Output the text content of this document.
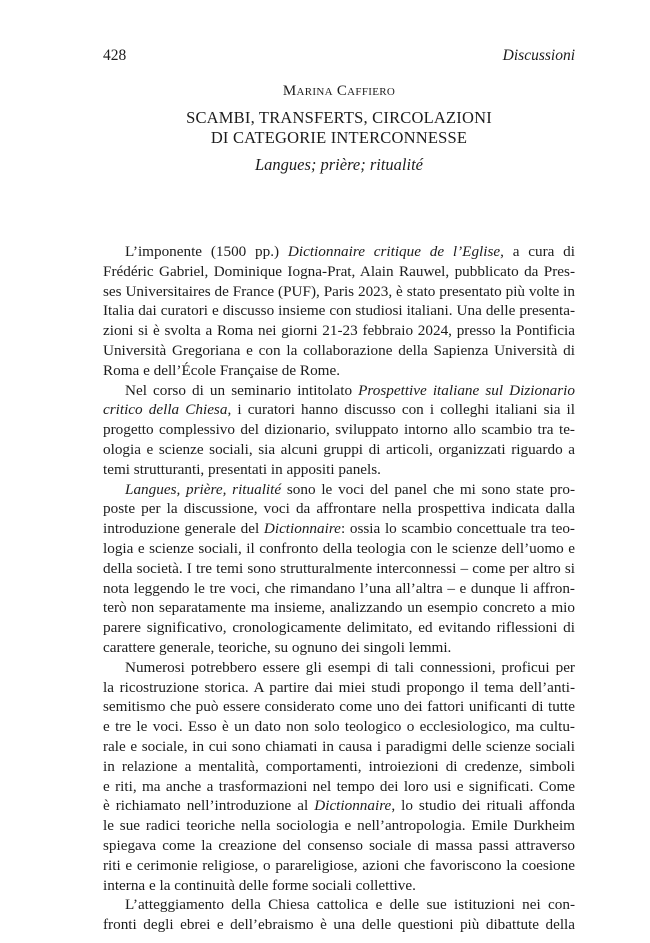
428	Discussioni
Marina Caffiero
SCAMBI, TRANSFERTS, CIRCOLAZIONI
DI CATEGORIE INTERCONNESSE
Langues; prière; ritualité

L’imponente (1500 pp.) Dictionnaire critique de l’Eglise, a cura di
Frédéric Gabriel, Dominique Iogna-Prat, Alain Rauwel, pubblicato da Pres-
ses Universitaires de France (PUF), Paris 2023, è stato presentato più volte in
Italia dai curatori e discusso insieme con studiosi italiani. Una delle presenta-
zioni si è svolta a Roma nei giorni 21-23 febbraio 2024, presso la Pontificia
Università Gregoriana e con la collaborazione della Sapienza Università di
Roma e dell’École Française de Rome.

Nel corso di un seminario intitolato Prospettive italiane sul Dizionario
critico della Chiesa, i curatori hanno discusso con i colleghi italiani sia il
progetto complessivo del dizionario, sviluppato intorno allo scambio tra te-
ologia e scienze sociali, sia alcuni gruppi di articoli, organizzati riguardo a
temi strutturanti, presentati in appositi panels.

Langues, prière, ritualité sono le voci del panel che mi sono state pro-
poste per la discussione, voci da affrontare nella prospettiva indicata dalla
introduzione generale del Dictionnaire: ossia lo scambio concettuale tra teo-
logia e scienze sociali, il confronto della teologia con le scienze dell’uomo e
della società. I tre temi sono strutturalmente interconnessi – come per altro si
nota leggendo le tre voci, che rimandano l’una all’altra – e dunque li affron-
terò non separatamente ma insieme, analizzando un esempio concreto a mio
parere significativo, cronologicamente delimitato, ed evitando riflessioni di
carattere generale, teoriche, su ognuno dei singoli lemmi.

Numerosi potrebbero essere gli esempi di tali connessioni, proficui per
la ricostruzione storica. A partire dai miei studi propongo il tema dell’anti-
semitismo che può essere considerato come uno dei fattori unificanti di tutte
e tre le voci. Esso è un dato non solo teologico o ecclesiologico, ma cultu-
rale e sociale, in cui sono chiamati in causa i paradigmi delle scienze sociali
in relazione a mentalità, comportamenti, introiezioni di credenze, simboli
e riti, ma anche a trasformazioni nel tempo dei loro usi e significati. Come
è richiamato nell’introduzione al Dictionnaire, lo studio dei rituali affonda
le sue radici teoriche nella sociologia e nell’antropologia. Emile Durkheim
spiegava come la creazione del consenso sociale di massa passi attraverso
riti e cerimonie religiose, o parareligiose, azioni che favoriscono la coesione
interna e la continuità delle forme sociali collettive.

L’atteggiamento della Chiesa cattolica e delle sue istituzioni nei con-
fronti degli ebrei e dell’ebraismo è una delle questioni più dibattute della
